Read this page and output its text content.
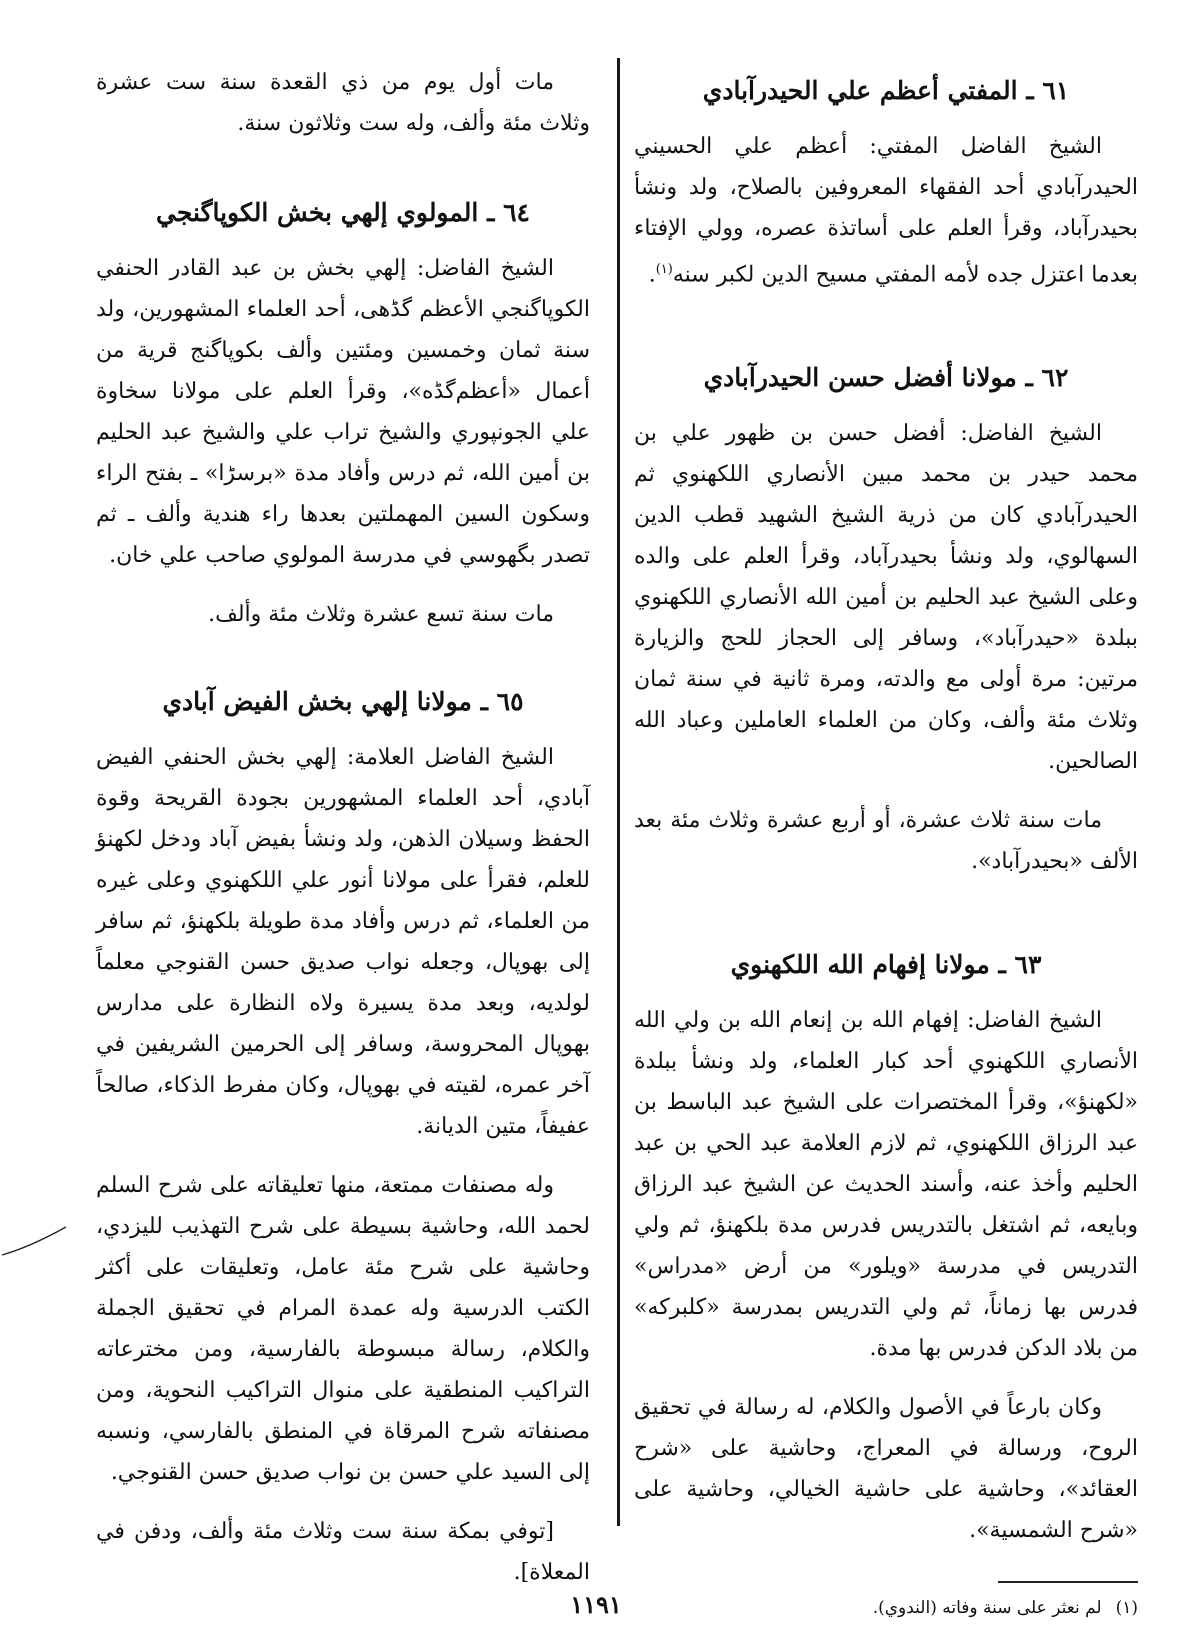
٦١ ـ المفتي أعظم علي الحيدرآبادي

الشيخ الفاضل المفتي: أعظم علي الحسيني الحيدرآبادي أحد الفقهاء المعروفين بالصلاح، ولد ونشأ بحيدرآباد، وقرأ العلم على أساتذة عصره، وولي الإفتاء بعدما اعتزل جده لأمه المفتي مسيح الدين لكبر سنه$^{(١)}$.

٦٢ ـ مولانا أفضل حسن الحيدرآبادي

الشيخ الفاضل: أفضل حسن بن ظهور علي بن محمد حيدر بن محمد مبين الأنصاري اللكهنوي ثم الحيدرآبادي كان من ذرية الشيخ الشهيد قطب الدين السهالوي، ولد ونشأ بحيدرآباد، وقرأ العلم على والده وعلى الشيخ عبد الحليم بن أمين الله الأنصاري اللكهنوي ببلدة «حيدرآباد»، وسافر إلى الحجاز للحج والزيارة مرتين: مرة أولى مع والدته، ومرة ثانية في سنة ثمان وثلاث مئة وألف، وكان من العلماء العاملين وعباد الله الصالحين.

مات سنة ثلاث عشرة، أو أربع عشرة وثلاث مئة بعد الألف «بحيدرآباد».

٦٣ ـ مولانا إفهام الله اللكهنوي

الشيخ الفاضل: إفهام الله بن إنعام الله بن ولي الله الأنصاري اللكهنوي أحد كبار العلماء، ولد ونشأ ببلدة «لكهنؤ»، وقرأ المختصرات على الشيخ عبد الباسط بن عبد الرزاق اللكهنوي، ثم لازم العلامة عبد الحي بن عبد الحليم وأخذ عنه، وأسند الحديث عن الشيخ عبد الرزاق وبايعه، ثم اشتغل بالتدريس فدرس مدة بلكهنؤ، ثم ولي التدريس في مدرسة «ويلور» من أرض «مدراس» فدرس بها زماناً، ثم ولي التدريس بمدرسة «كلبركه» من بلاد الدكن فدرس بها مدة.

وكان بارعاً في الأصول والكلام، له رسالة في تحقيق الروح، ورسالة في المعراج، وحاشية على «شرح العقائد»، وحاشية على حاشية الخيالي، وحاشية على «شرح الشمسية».

(١)لم نعثر على سنة وفاته (الندوي).

مات أول يوم من ذي القعدة سنة ست عشرة وثلاث مئة وألف، وله ست وثلاثون سنة.

٦٤ ـ المولوي إلهي بخش الكوپاگنجي

الشيخ الفاضل: إلهي بخش بن عبد القادر الحنفي الكوپاگنجي الأعظم گڈهی، أحد العلماء المشهورين، ولد سنة ثمان وخمسين ومئتين وألف بكوپاگنج قرية من أعمال «أعظم‌گڈه»، وقرأ العلم على مولانا سخاوة علي الجونپوري والشيخ تراب علي والشيخ عبد الحليم بن أمين الله، ثم درس وأفاد مدة «برسڑا» ـ بفتح الراء وسكون السين المهملتين بعدها راء هندية وألف ـ ثم تصدر بگهوسي في مدرسة المولوي صاحب علي خان.

مات سنة تسع عشرة وثلاث مئة وألف.

٦٥ ـ مولانا إلهي بخش الفيض آبادي

الشيخ الفاضل العلامة: إلهي بخش الحنفي الفيض آبادي، أحد العلماء المشهورين بجودة القريحة وقوة الحفظ وسيلان الذهن، ولد ونشأ بفيض آباد ودخل لكهنؤ للعلم، فقرأ على مولانا أنور علي اللكهنوي وعلى غيره من العلماء، ثم درس وأفاد مدة طويلة بلكهنؤ، ثم سافر إلى بهوپال، وجعله نواب صديق حسن القنوجي معلماً لولديه، وبعد مدة يسيرة ولاه النظارة على مدارس بهوپال المحروسة، وسافر إلى الحرمين الشريفين في آخر عمره، لقيته في بهوپال، وكان مفرط الذكاء، صالحاً عفيفاً، متين الديانة.

وله مصنفات ممتعة، منها تعليقاته على شرح السلم لحمد الله، وحاشية بسيطة على شرح التهذيب لليزدي، وحاشية على شرح مئة عامل، وتعليقات على أكثر الكتب الدرسية وله عمدة المرام في تحقيق الجملة والكلام، رسالة مبسوطة بالفارسية، ومن مخترعاته التراكيب المنطقية على منوال التراكيب النحوية، ومن مصنفاته شرح المرقاة في المنطق بالفارسي، ونسبه إلى السيد علي حسن بن نواب صديق حسن القنوجي.

[توفي بمكة سنة ست وثلاث مئة وألف، ودفن في المعلاة].

١١٩١
